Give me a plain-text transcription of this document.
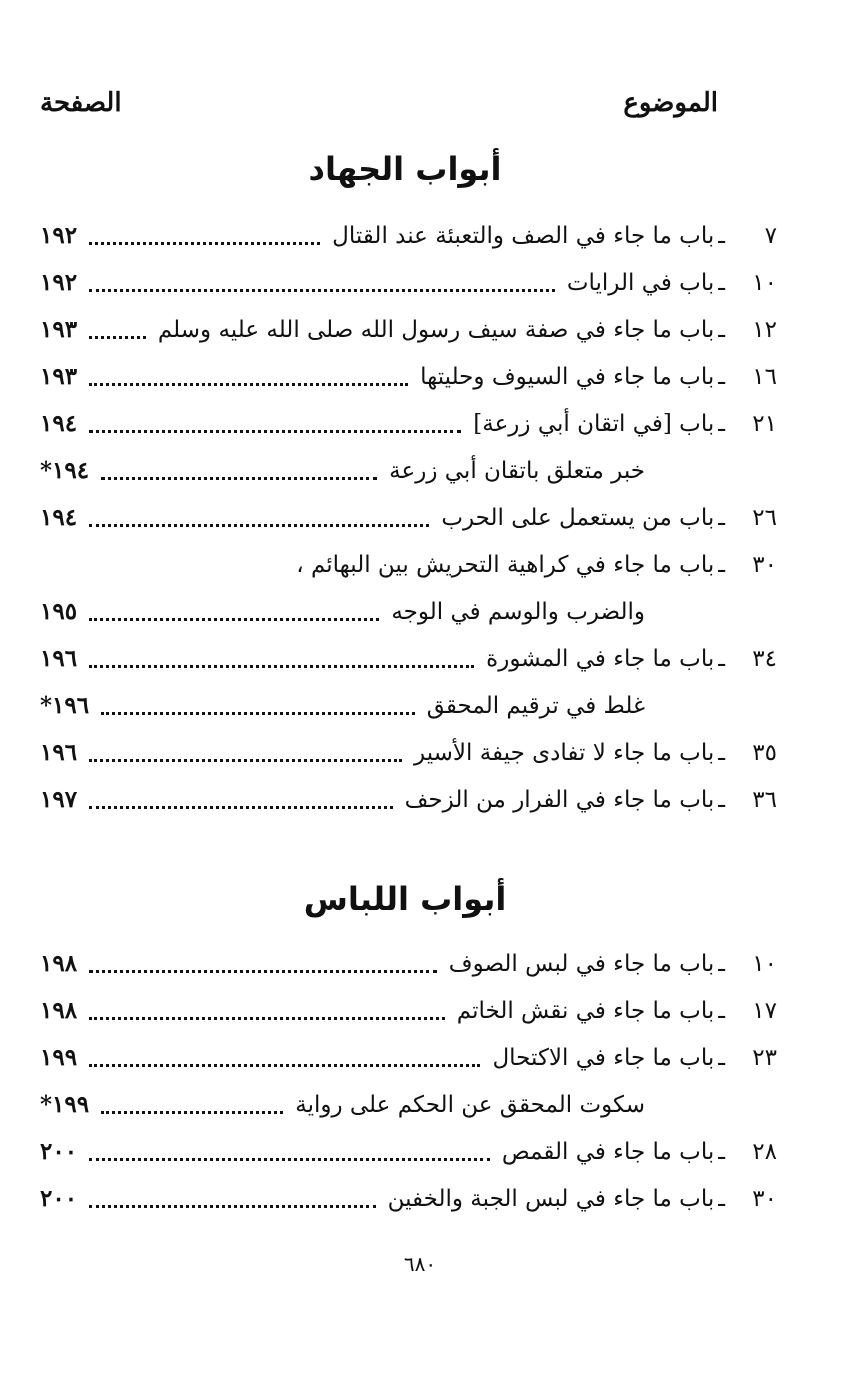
الموضوع
الصفحة
أبواب الجهاد
٧
ـ
باب ما جاء في الصف والتعبئة عند القتال
١٩٢
١٠
ـ
باب في الرايات
١٩٢
١٢
ـ
باب ما جاء في صفة سيف رسول الله صلى الله عليه وسلم
١٩٣
١٦
ـ
باب ما جاء في السيوف وحليتها
١٩٣
٢١
ـ
باب [في اتقان أبي زرعة]
١٩٤
خبر متعلق باتقان أبي زرعة
١٩٤*
٢٦
ـ
باب من يستعمل على الحرب
١٩٤
٣٠
ـ
باب ما جاء في كراهية التحريش بين البهائم ،
والضرب والوسم في الوجه
١٩٥
٣٤
ـ
باب ما جاء في المشورة
١٩٦
غلط في ترقيم المحقق
١٩٦*
٣٥
ـ
باب ما جاء لا تفادى جيفة الأسير
١٩٦
٣٦
ـ
باب ما جاء في الفرار من الزحف
١٩٧
أبواب اللباس
١٠
ـ
باب ما جاء في لبس الصوف
١٩٨
١٧
ـ
باب ما جاء في نقش الخاتم
١٩٨
٢٣
ـ
باب ما جاء في الاكتحال
١٩٩
سكوت المحقق عن الحكم على رواية
١٩٩*
٢٨
ـ
باب ما جاء في القمص
٢٠٠
٣٠
ـ
باب ما جاء في لبس الجبة والخفين
٢٠٠
٦٨٠
